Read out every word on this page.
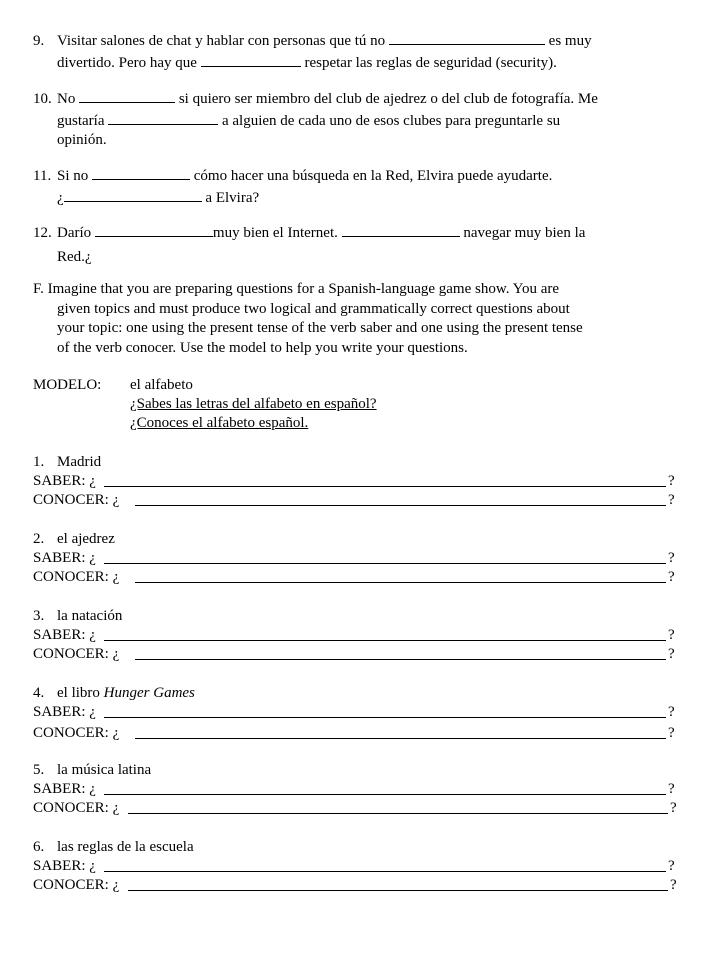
9. Visitar salones de chat y hablar con personas que tú no	es muy
divertido. Pero hay que	respetar las reglas de seguridad (security).
10. No	si quiero ser miembro del club de ajedrez o del club de fotografía. Me
gustaría	a alguien de cada uno de esos clubes para preguntarle su
opinión.
11. Si no	cómo hacer una búsqueda en la Red, Elvira puede ayudarte.
¿	a Elvira?
12. Darío	muy bien el Internet.	navegar muy bien la
Red.¿
F. Imagine that you are preparing questions for a Spanish-language game show. You are
given topics and must produce two logical and grammatically correct questions about
your topic: one using the present tense of the verb saber and one using the present tense
of the verb conocer. Use the model to help you write your questions.
MODELO: el alfabeto
¿Sabes las letras del alfabeto en español?
¿Conoces el alfabeto español.
1. Madrid
SABER: ¿	?
CONOCER: ¿	?
2. el ajedrez
SABER: ¿	?
CONOCER: ¿	?
3. la natación
SABER: ¿	?
CONOCER: ¿	?
4. el libro Hunger Games
SABER: ¿	?
CONOCER: ¿	?
5. la música latina
SABER: ¿	?
CONOCER: ¿	?
6. las reglas de la escuela
SABER: ¿	?
CONOCER: ¿	?
